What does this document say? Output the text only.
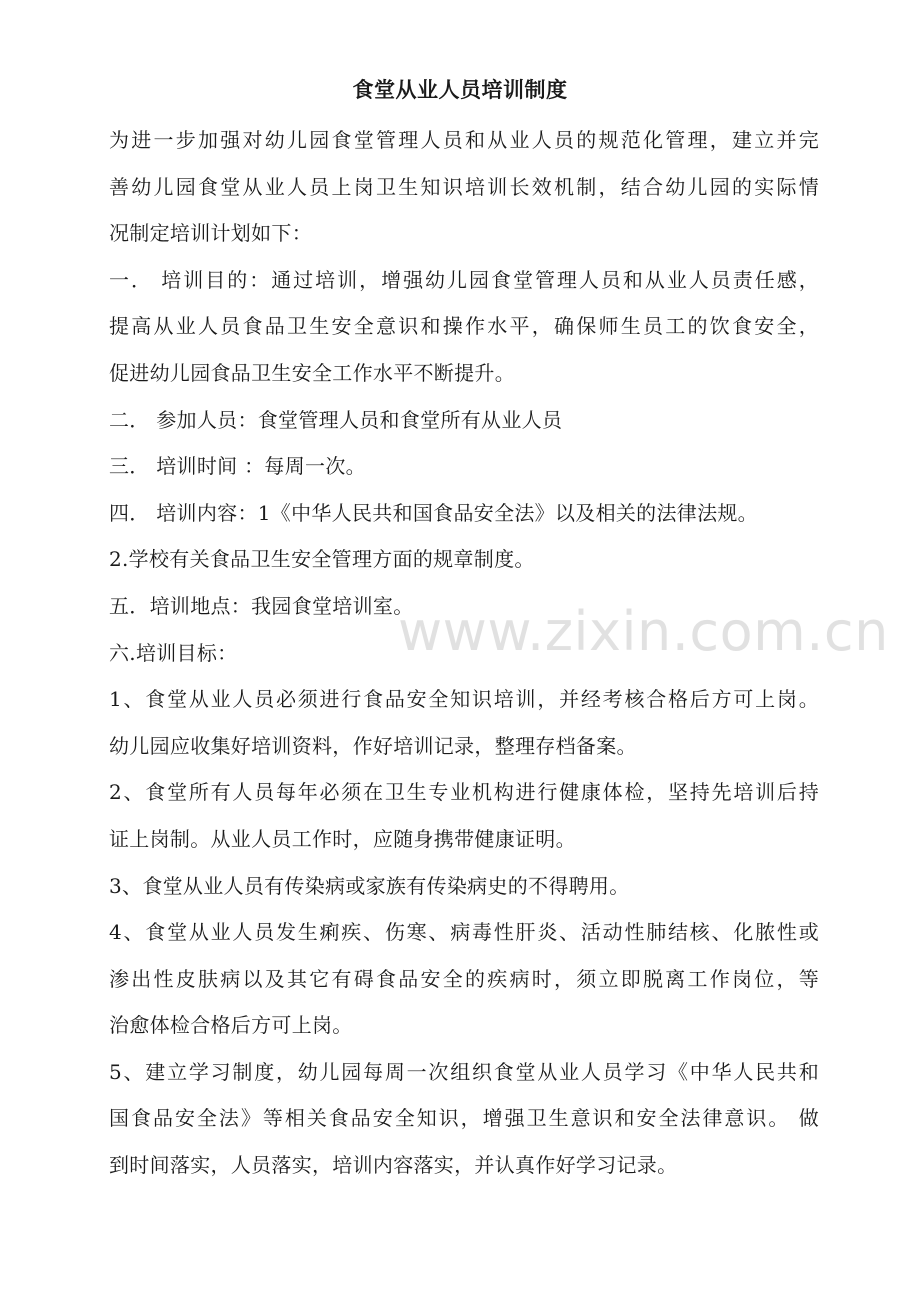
食堂从业人员培训制度
为进一步加强对幼儿园食堂管理人员和从业人员的规范化管理，建立并完
善幼儿园食堂从业人员上岗卫生知识培训长效机制，结合幼儿园的实际情
况制定培训计划如下：
一． 培训目的：通过培训，增强幼儿园食堂管理人员和从业人员责任感，
提高从业人员食品卫生安全意识和操作水平，确保师生员工的饮食安全，
促进幼儿园食品卫生安全工作水平不断提升。
二． 参加人员：食堂管理人员和食堂所有从业人员
三． 培训时间 ：每周一次。
四． 培训内容：1《中华人民共和国食品安全法》以及相关的法律法规。
2.学校有关食品卫生安全管理方面的规章制度。
五．培训地点：我园食堂培训室。
六.培训目标：
1、食堂从业人员必须进行食品安全知识培训，并经考核合格后方可上岗。
幼儿园应收集好培训资料，作好培训记录，整理存档备案。
2、食堂所有人员每年必须在卫生专业机构进行健康体检，坚持先培训后持
证上岗制。从业人员工作时，应随身携带健康证明。
3、食堂从业人员有传染病或家族有传染病史的不得聘用。
4、食堂从业人员发生痢疾、伤寒、病毒性肝炎、活动性肺结核、化脓性或
渗出性皮肤病以及其它有碍食品安全的疾病时，须立即脱离工作岗位，等
治愈体检合格后方可上岗。
5、建立学习制度，幼儿园每周一次组织食堂从业人员学习《中华人民共和
国食品安全法》等相关食品安全知识，增强卫生意识和安全法律意识。 做
到时间落实，人员落实，培训内容落实，并认真作好学习记录。
www.zixin.com.cn
